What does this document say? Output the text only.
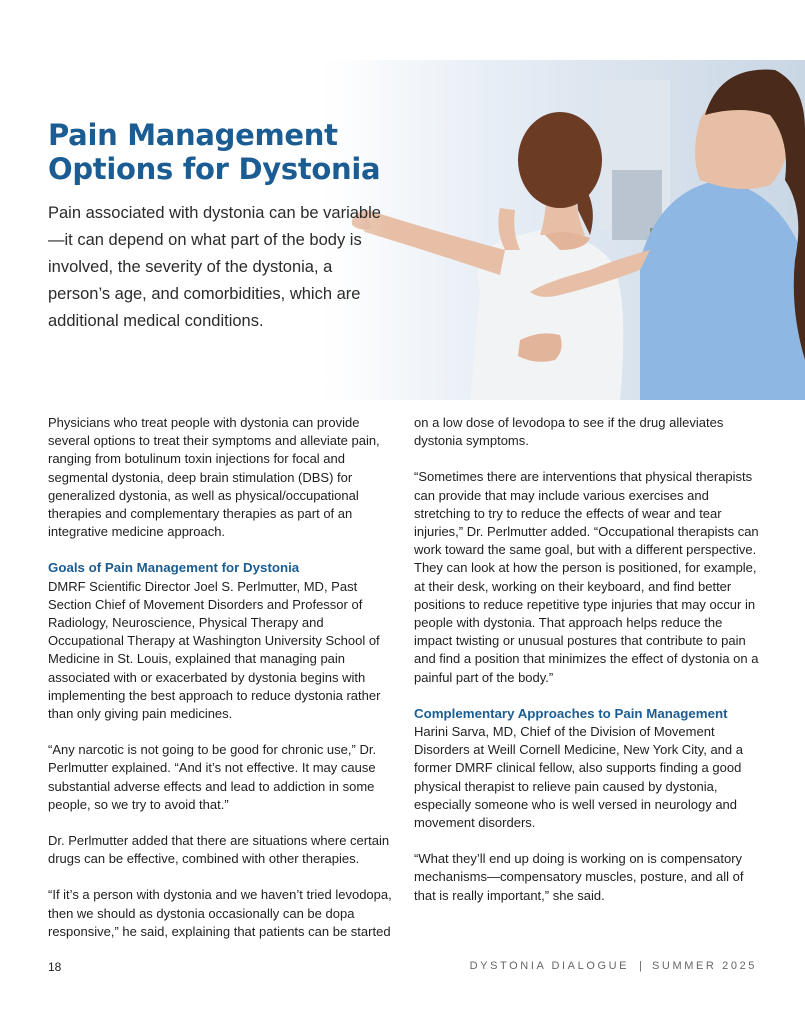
Pain Management Options for Dystonia

Pain associated with dystonia can be variable—it can depend on what part of the body is involved, the severity of the dystonia, a person’s age, and comorbidities, which are additional medical conditions.

Physicians who treat people with dystonia can provide several options to treat their symptoms and alleviate pain, ranging from botulinum toxin injections for focal and segmental dystonia, deep brain stimulation (DBS) for generalized dystonia, as well as physical/occupational therapies and complementary therapies as part of an integrative medicine approach.

Goals of Pain Management for Dystonia

DMRF Scientific Director Joel S. Perlmutter, MD, Past Section Chief of Movement Disorders and Professor of Radiology, Neuroscience, Physical Therapy and Occupational Therapy at Washington University School of Medicine in St. Louis, explained that managing pain associated with or exacerbated by dystonia begins with implementing the best approach to reduce dystonia rather than only giving pain medicines.

“Any narcotic is not going to be good for chronic use,” Dr. Perlmutter explained. “And it’s not effective. It may cause substantial adverse effects and lead to addiction in some people, so we try to avoid that.”

Dr. Perlmutter added that there are situations where certain drugs can be effective, combined with other therapies.

“If it’s a person with dystonia and we haven’t tried levodopa, then we should as dystonia occasionally can be dopa responsive,” he said, explaining that patients can be started

on a low dose of levodopa to see if the drug alleviates dystonia symptoms.

“Sometimes there are interventions that physical therapists can provide that may include various exercises and stretching to try to reduce the effects of wear and tear injuries,” Dr. Perlmutter added. “Occupational therapists can work toward the same goal, but with a different perspective. They can look at how the person is positioned, for example, at their desk, working on their keyboard, and find better positions to reduce repetitive type injuries that may occur in people with dystonia. That approach helps reduce the impact twisting or unusual postures that contribute to pain and find a position that minimizes the effect of dystonia on a painful part of the body.”

Complementary Approaches to Pain Management

Harini Sarva, MD, Chief of the Division of Movement Disorders at Weill Cornell Medicine, New York City, and a former DMRF clinical fellow, also supports finding a good physical therapist to relieve pain caused by dystonia, especially someone who is well versed in neurology and movement disorders.

“What they’ll end up doing is working on is compensatory mechanisms—compensatory muscles, posture, and all of that is really important,” she said.

18	DYSTONIA DIALOGUE | SUMMER 2025
